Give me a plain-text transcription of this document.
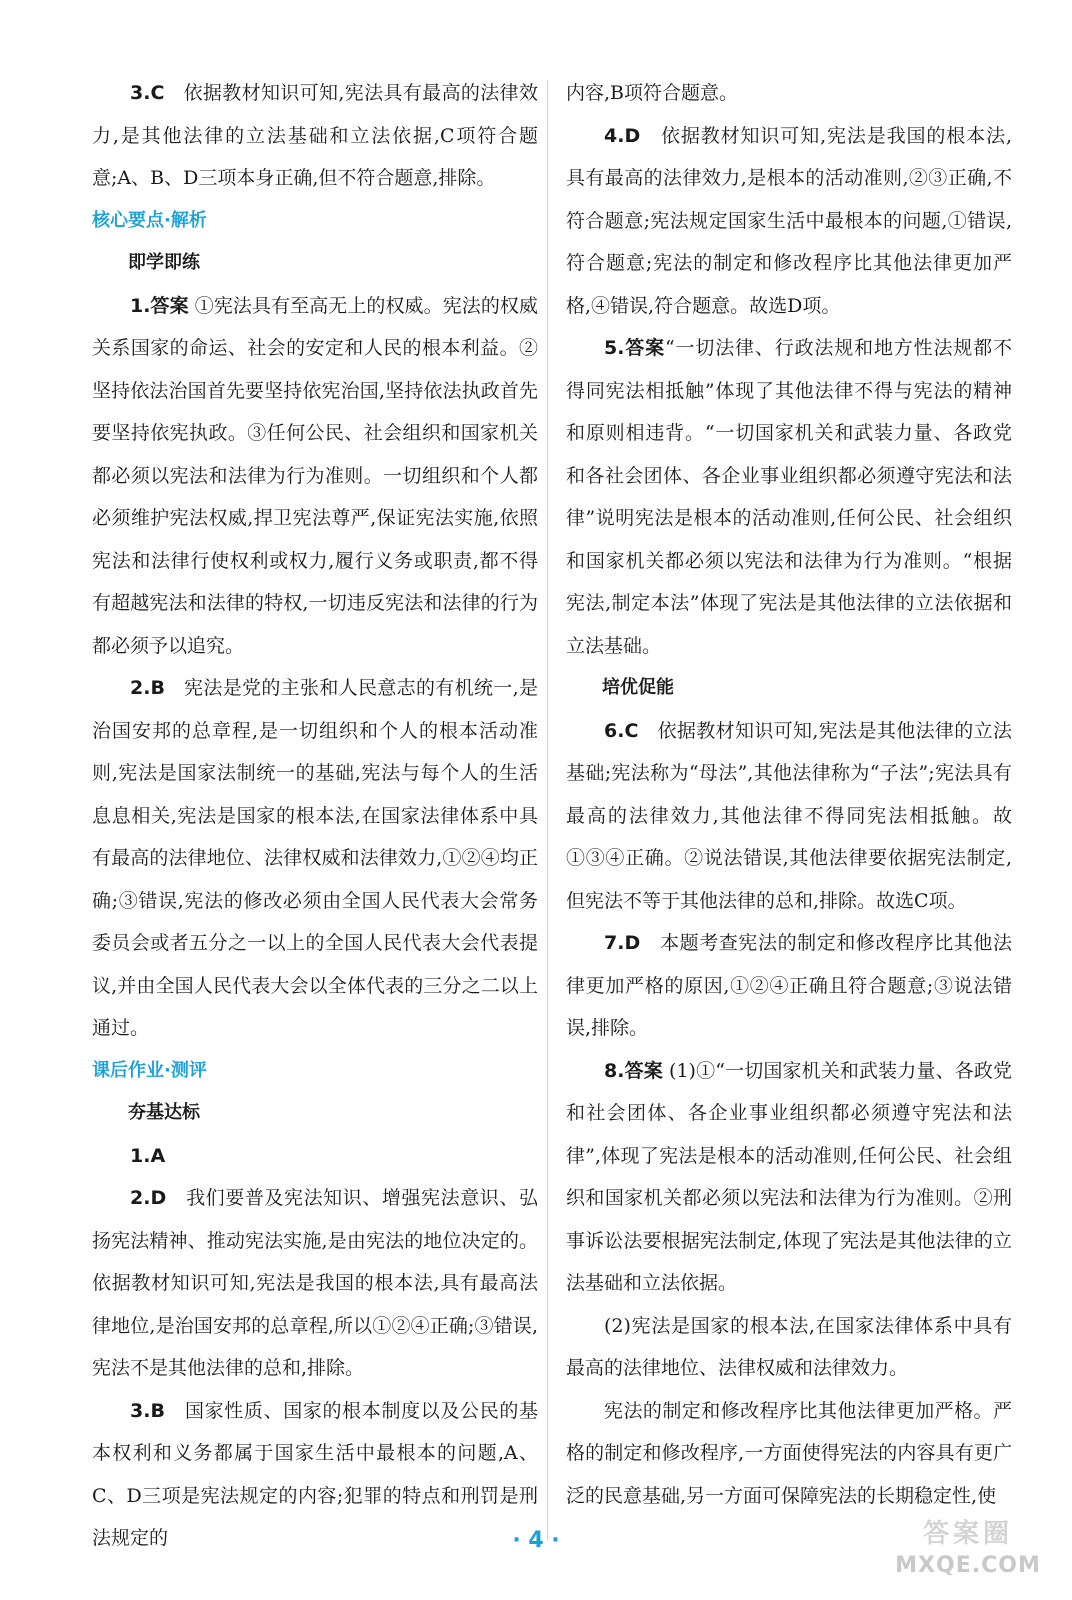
3.C 依据教材知识可知,宪法具有最高的法律效力,是其他法律的立法基础和立法依据,C项符合题意;A、B、D三项本身正确,但不符合题意,排除。

核心要点·解析

即学即练

1.答案 ①宪法具有至高无上的权威。宪法的权威关系国家的命运、社会的安定和人民的根本利益。②坚持依法治国首先要坚持依宪治国,坚持依法执政首先要坚持依宪执政。③任何公民、社会组织和国家机关都必须以宪法和法律为行为准则。一切组织和个人都必须维护宪法权威,捍卫宪法尊严,保证宪法实施,依照宪法和法律行使权利或权力,履行义务或职责,都不得有超越宪法和法律的特权,一切违反宪法和法律的行为都必须予以追究。

2.B 宪法是党的主张和人民意志的有机统一,是治国安邦的总章程,是一切组织和个人的根本活动准则,宪法是国家法制统一的基础,宪法与每个人的生活息息相关,宪法是国家的根本法,在国家法律体系中具有最高的法律地位、法律权威和法律效力,①②④均正确;③错误,宪法的修改必须由全国人民代表大会常务委员会或者五分之一以上的全国人民代表大会代表提议,并由全国人民代表大会以全体代表的三分之二以上通过。

课后作业·测评

夯基达标

1.A

2.D 我们要普及宪法知识、增强宪法意识、弘扬宪法精神、推动宪法实施,是由宪法的地位决定的。依据教材知识可知,宪法是我国的根本法,具有最高法律地位,是治国安邦的总章程,所以①②④正确;③错误,宪法不是其他法律的总和,排除。

3.B 国家性质、国家的根本制度以及公民的基本权利和义务都属于国家生活中最根本的问题,A、C、D三项是宪法规定的内容;犯罪的特点和刑罚是刑法规定的

内容,B项符合题意。

4.D 依据教材知识可知,宪法是我国的根本法,具有最高的法律效力,是根本的活动准则,②③正确,不符合题意;宪法规定国家生活中最根本的问题,①错误,符合题意;宪法的制定和修改程序比其他法律更加严格,④错误,符合题意。故选D项。

5.答案“一切法律、行政法规和地方性法规都不得同宪法相抵触”体现了其他法律不得与宪法的精神和原则相违背。“一切国家机关和武装力量、各政党和各社会团体、各企业事业组织都必须遵守宪法和法律”说明宪法是根本的活动准则,任何公民、社会组织和国家机关都必须以宪法和法律为行为准则。“根据宪法,制定本法”体现了宪法是其他法律的立法依据和立法基础。

培优促能

6.C 依据教材知识可知,宪法是其他法律的立法基础;宪法称为“母法”,其他法律称为“子法”;宪法具有最高的法律效力,其他法律不得同宪法相抵触。故①③④正确。②说法错误,其他法律要依据宪法制定,但宪法不等于其他法律的总和,排除。故选C项。

7.D 本题考查宪法的制定和修改程序比其他法律更加严格的原因,①②④正确且符合题意;③说法错误,排除。

8.答案 (1)①“一切国家机关和武装力量、各政党和社会团体、各企业事业组织都必须遵守宪法和法律”,体现了宪法是根本的活动准则,任何公民、社会组织和国家机关都必须以宪法和法律为行为准则。②刑事诉讼法要根据宪法制定,体现了宪法是其他法律的立法基础和立法依据。

(2)宪法是国家的根本法,在国家法律体系中具有最高的法律地位、法律权威和法律效力。

宪法的制定和修改程序比其他法律更加严格。严格的制定和修改程序,一方面使得宪法的内容具有更广泛的民意基础,另一方面可保障宪法的长期稳定性,使

· 4 ·	答案圈
MXQE.COM
